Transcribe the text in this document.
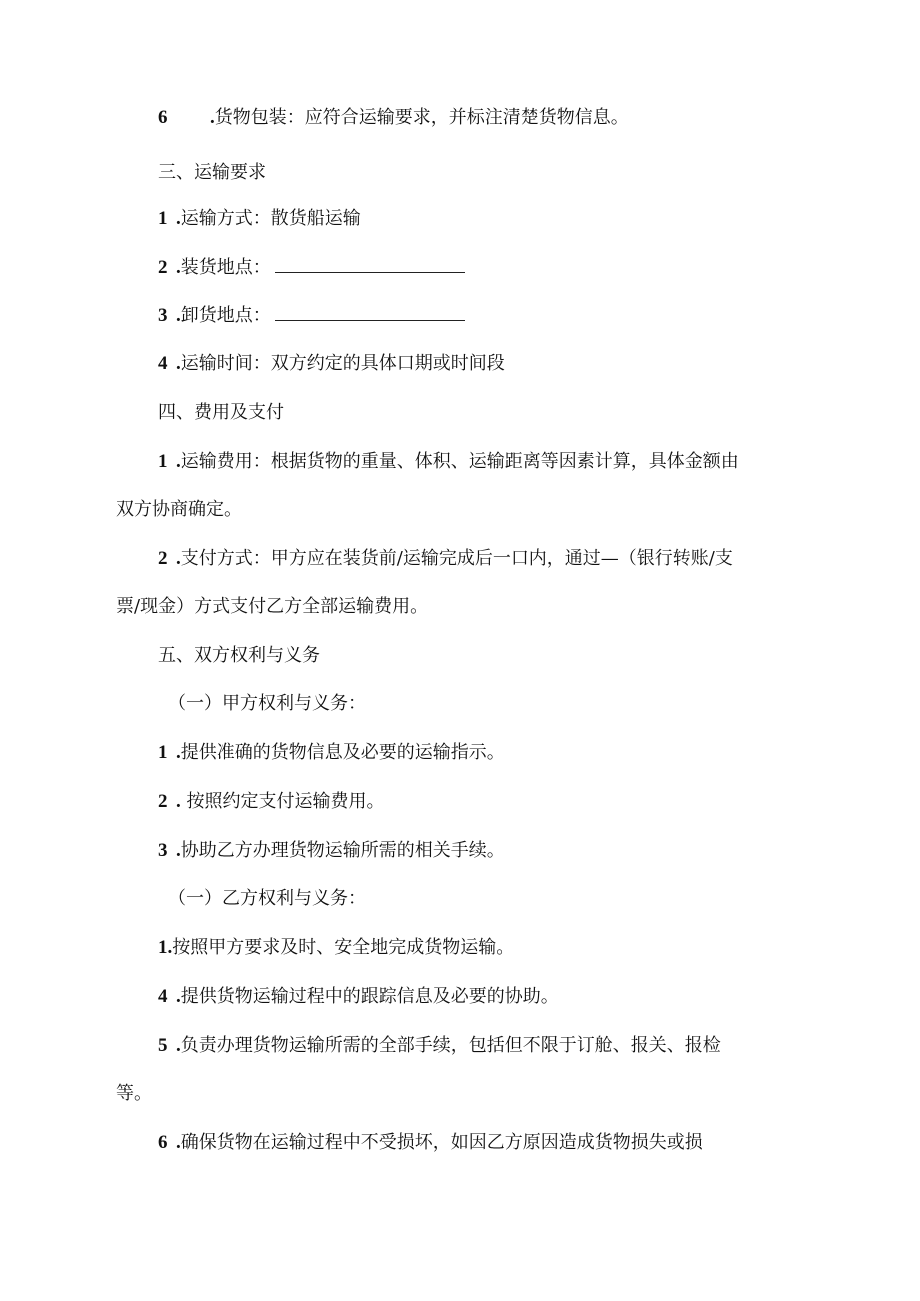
6 .货物包装：应符合运输要求，并标注清楚货物信息。
三、运输要求
1 .运输方式：散货船运输
2 .装货地点：
3 .卸货地点：
4 .运输时间：双方约定的具体口期或时间段
四、费用及支付
1 .运输费用：根据货物的重量、体积、运输距离等因素计算，具体金额由
双方协商确定。
2 .支付方式：甲方应在装货前/运输完成后一口内，通过—（银行转账/支
票/现金）方式支付乙方全部运输费用。
五、双方权利与义务
（一）甲方权利与义务：
1 .提供准确的货物信息及必要的运输指示。
2 . 按照约定支付运输费用。
3 .协助乙方办理货物运输所需的相关手续。
（一）乙方权利与义务：
1.按照甲方要求及时、安全地完成货物运输。
4 .提供货物运输过程中的跟踪信息及必要的协助。
5 .负责办理货物运输所需的全部手续，包括但不限于订舱、报关、报检
等。
6 .确保货物在运输过程中不受损坏，如因乙方原因造成货物损失或损
